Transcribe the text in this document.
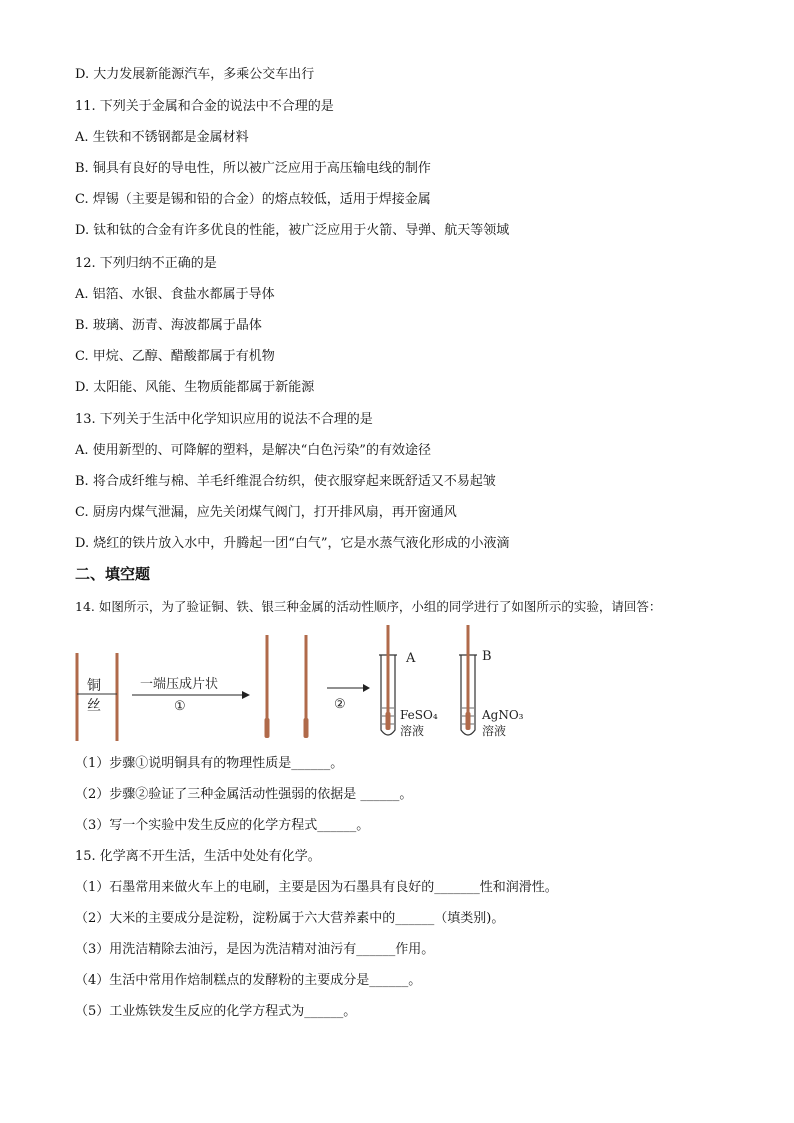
D. 大力发展新能源汽车，多乘公交车出行
11. 下列关于金属和合金的说法中不合理的是
A. 生铁和不锈钢都是金属材料
B. 铜具有良好的导电性，所以被广泛应用于高压输电线的制作
C. 焊锡（主要是锡和铅的合金）的熔点较低，适用于焊接金属
D. 钛和钛的合金有许多优良的性能，被广泛应用于火箭、导弹、航天等领域
12. 下列归纳不正确的是
A. 铝箔、水银、食盐水都属于导体
B. 玻璃、沥青、海波都属于晶体
C. 甲烷、乙醇、醋酸都属于有机物
D. 太阳能、风能、生物质能都属于新能源
13. 下列关于生活中化学知识应用的说法不合理的是
A. 使用新型的、可降解的塑料，是解决“白色污染”的有效途径
B. 将合成纤维与棉、羊毛纤维混合纺织，使衣服穿起来既舒适又不易起皱
C. 厨房内煤气泄漏，应先关闭煤气阀门，打开排风扇，再开窗通风
D. 烧红的铁片放入水中，升腾起一团“白气”，它是水蒸气液化形成的小液滴
二、填空题
14. 如图所示，为了验证铜、铁、银三种金属的活动性顺序，小组的同学进行了如图所示的实验，请回答：
铜
丝
一端压成片状
①	②
A
FeSO₄
溶液
B
AgNO₃
溶液
（1）步骤①说明铜具有的物理性质是______。
（2）步骤②验证了三种金属活动性强弱的依据是 ______。
（3）写一个实验中发生反应的化学方程式______。
15. 化学离不开生活，生活中处处有化学。
（1）石墨常用来做火车上的电刷，主要是因为石墨具有良好的_______性和润滑性。
（2）大米的主要成分是淀粉，淀粉属于六大营养素中的______（填类别)。
（3）用洗洁精除去油污，是因为洗洁精对油污有______作用。
（4）生活中常用作焙制糕点的发酵粉的主要成分是______。
（5）工业炼铁发生反应的化学方程式为______。
